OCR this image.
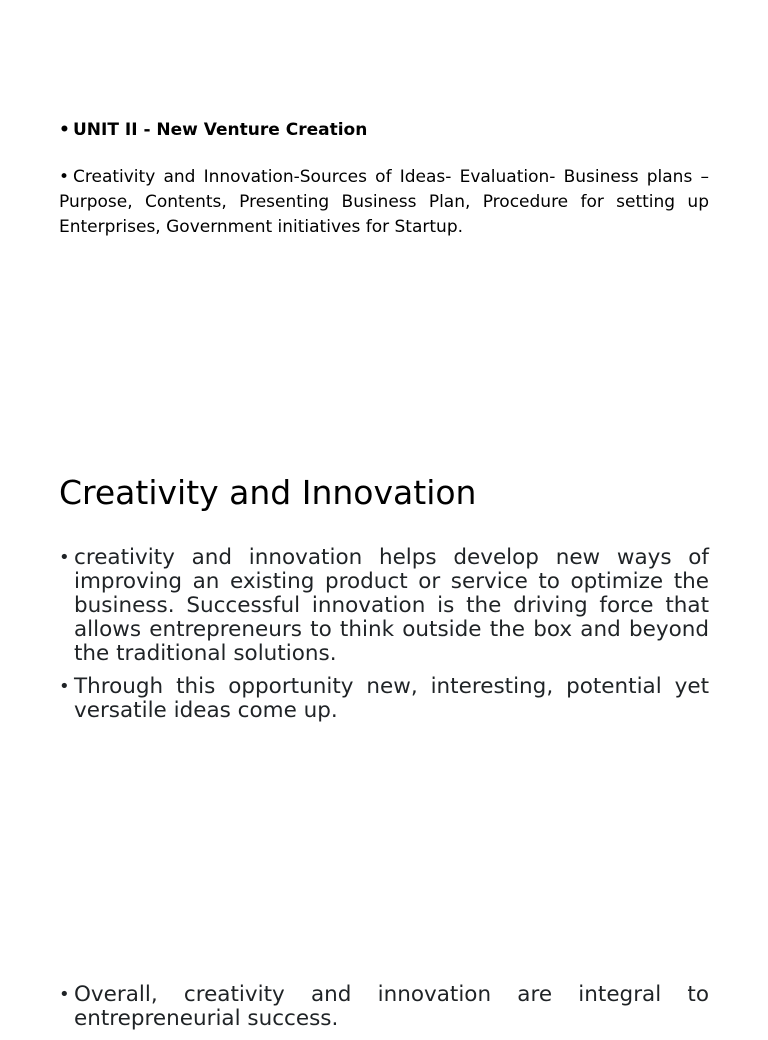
• UNIT II - New Venture Creation

• Creativity and Innovation-Sources of Ideas- Evaluation- Business plans – Purpose, Contents, Presenting Business Plan, Procedure for setting up Enterprises, Government initiatives for Startup.

Creativity and Innovation
• creativity and innovation helps develop new ways of improving an existing product or service to optimize the business. Successful innovation is the driving force that allows entrepreneurs to think outside the box and beyond the traditional solutions.
• Through this opportunity new, interesting, potential yet versatile ideas come up.
• Overall, creativity and innovation are integral to entrepreneurial success.
